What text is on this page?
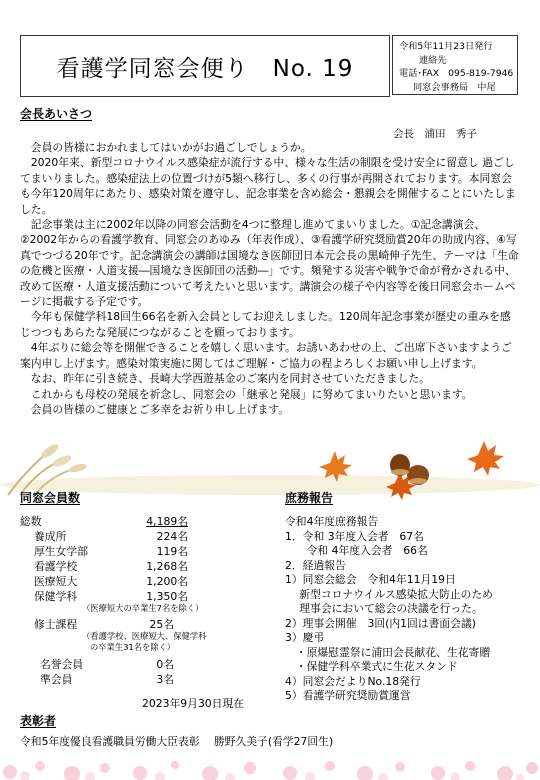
看護学同窓会便り　No. 19
令和5年11月23日発行
連絡先
電話･FAX　095-819-7946
同窓会事務局　中尾
会長あいさつ
会長　浦田　秀子

会員の皆様におかれましてはいかがお過ごしでしょうか。

2020年来、新型コロナウイルス感染症が流行する中、様々な生活の制限を受け安全に留意し 過ごしてまいりました。感染症法上の位置づけが5類へ移行し、多くの行事が再開されております。本同窓会も今年120周年にあたり、感染対策を遵守し、記念事業を含め総会・懇親会を開催することにいたしました。

記念事業は主に2002年以降の同窓会活動を4つに整理し進めてまいりました。①記念講演会、②2002年からの看護学教育、同窓会のあゆみ（年表作成）、③看護学研究奨励賞20年の助成内容、④写真でつづる20年です。記念講演会の講師は国境なき医師団日本元会長の黒崎伸子先生、テーマは「生命の危機と医療・人道支援―国境なき医師団の活動―」です。頻発する災害や戦争で命が脅かされる中、改めて医療・人道支援活動について考えたいと思います。講演会の様子や内容等を後日同窓会ホームページに掲載する予定です。

今年も保健学科18回生66名を新入会員としてお迎えしました。120周年記念事業が歴史の重みを感じつつもあらたな発展につながることを願っております。

4年ぶりに総会等を開催できることを嬉しく思います。お誘いあわせの上、ご出席下さいますようご案内申し上げます。感染対策実施に関してはご理解・ご協力の程よろしくお願い申し上げます。

なお、昨年に引き続き、長崎大学西遊基金のご案内を同封させていただきました。

これからも母校の発展を祈念し、同窓会の「継承と発展」に努めてまいりたいと思います。

会員の皆様のご健康とご多幸をお祈り申し上げます。

同窓会員数
総数	4,189名
養成所	224名
厚生女学部	119名
看護学校	1,268名
医療短大	1,200名
保健学科	1,350名
（医療短大の卒業生7名を除く）
修士課程	25名
（看護学校、医療短大、保健学科
の卒業生31名を除く）
名誉会員	0名
準会員	3名
2023年9月30日現在
庶務報告
令和4年度庶務報告
1．令和 3年度入会者　67名
　　令和 4年度入会者　66名
2．経過報告
1）同窓会総会　令和4年11月19日
　 新型コロナウイルス感染拡大防止のため
　 理事会において総会の決議を行った。
2）理事会開催　3回(内1回は書面会議)
3）慶弔
　・原爆慰霊祭に浦田会長献花、生花寄贈
　・保健学科卒業式に生花スタンド
4）同窓会だよりNo.18発行
5）看護学研究奨励賞運営
表彰者
令和5年度優良看護職員労働大臣表彰　 勝野久美子(看学27回生)
